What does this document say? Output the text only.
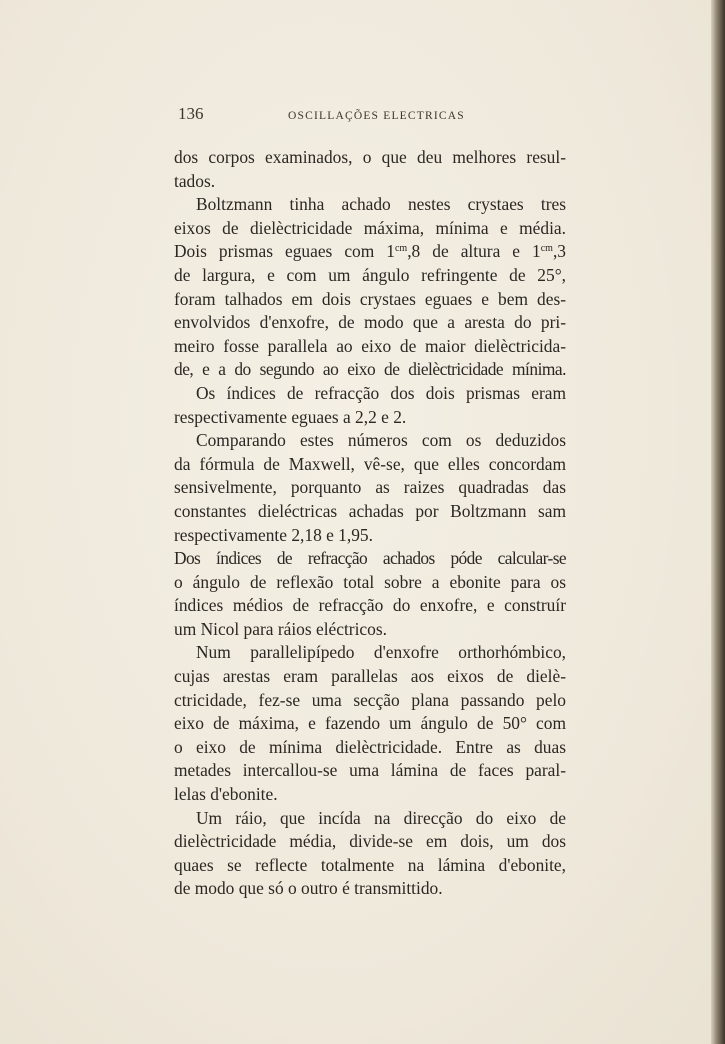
136	OSCILLAÇÕES ELECTRICAS
dos corpos examinados, o que deu melhores resul-
tados.
Boltzmann tinha achado nestes crystaes tres
eixos de dielèctricidade máxima, mínima e média.
Dois prismas eguaes com $1^{cm},8$ de altura e $1^{cm},3$
de largura, e com um ángulo refringente de 25°,
foram talhados em dois crystaes eguaes e bem des-
envolvidos d'enxofre, de modo que a aresta do pri-
meiro fosse parallela ao eixo de maior dielèctricida-
de, e a do segundo ao eixo de dielèctricidade mínima.
Os índices de refracção dos dois prismas eram
respectivamente eguaes a 2,2 e 2.
Comparando estes números com os deduzidos
da fórmula de Maxwell, vê-se, que elles concordam
sensivelmente, porquanto as raizes quadradas das
constantes dieléctricas achadas por Boltzmann sam
respectivamente 2,18 e 1,95.
Dos índices de refracção achados póde calcular-se
o ángulo de reflexão total sobre a ebonite para os
índices médios de refracção do enxofre, e construír
um Nicol para ráios eléctricos.
Num parallelipípedo d'enxofre orthorhómbico,
cujas arestas eram parallelas aos eixos de dielè-
ctricidade, fez-se uma secção plana passando pelo
eixo de máxima, e fazendo um ángulo de 50° com
o eixo de mínima dielèctricidade. Entre as duas
metades intercallou-se uma lámina de faces paral-
lelas d'ebonite.
Um ráio, que incída na direcção do eixo de
dielèctricidade média, divide-se em dois, um dos
quaes se reflecte totalmente na lámina d'ebonite,
de modo que só o outro é transmittido.
